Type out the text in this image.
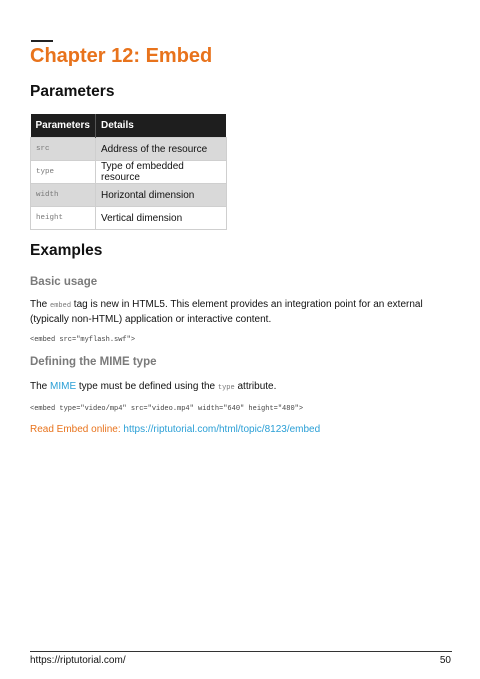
Chapter 12: Embed
Parameters
Parameters	Details
src	Address of the resource
type	Type of embedded resource
width	Horizontal dimension
height	Vertical dimension
Examples
Basic usage

The embed tag is new in HTML5. This element provides an integration point for an external (typically non-HTML) application or interactive content.

<embed src="myflash.swf">
Defining the MIME type

The MIME type must be defined using the type attribute.

<embed type="video/mp4" src="video.mp4" width="640" height="480">

Read Embed online: https://riptutorial.com/html/topic/8123/embed

https://riptutorial.com/	50
